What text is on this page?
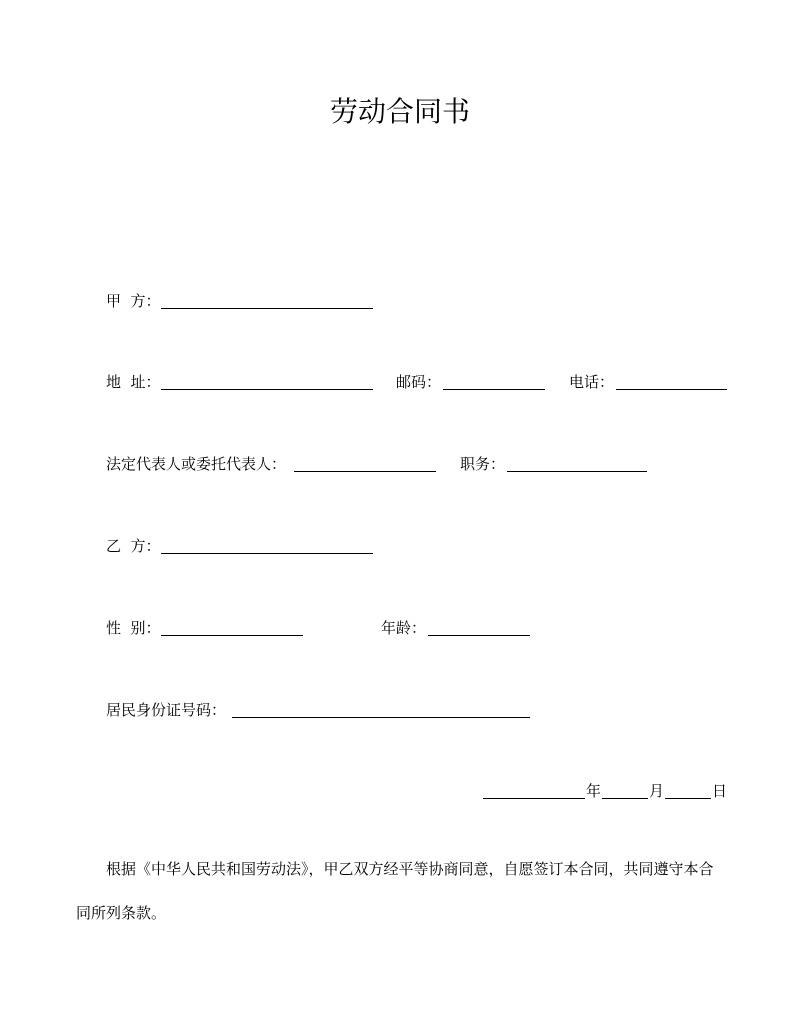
劳动合同书
甲  方：
地  址：	邮码：	电话：
法定代表人或委托代表人：	职务：
乙  方：
性  别：	年龄：
居民身份证号码：
年	月	日
根据《中华人民共和国劳动法》，甲乙双方经平等协商同意，自愿签订本合同，共同遵守本合同所列条款。
